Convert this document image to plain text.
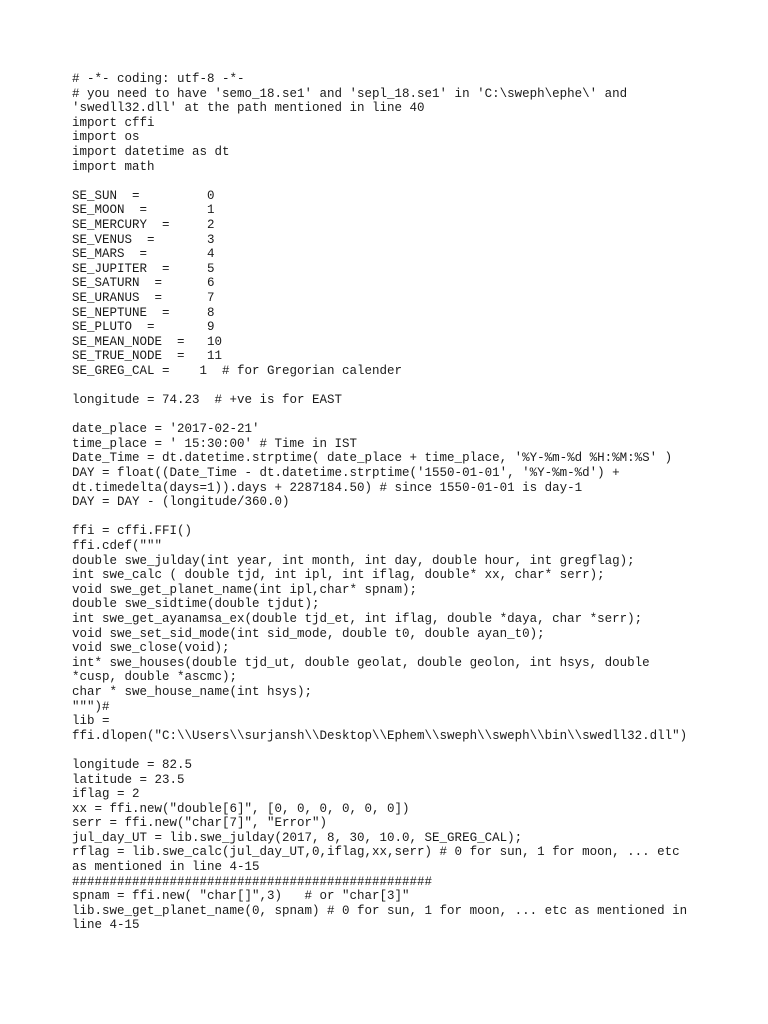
# -*- coding: utf-8 -*-
# you need to have 'semo_18.se1' and 'sepl_18.se1' in 'C:\sweph\ephe\' and
'swedll32.dll' at the path mentioned in line 40
import cffi
import os
import datetime as dt
import math
SE_SUN  =         0
SE_MOON  =        1
SE_MERCURY  =     2
SE_VENUS  =       3
SE_MARS  =        4
SE_JUPITER  =     5
SE_SATURN  =      6
SE_URANUS  =      7
SE_NEPTUNE  =     8
SE_PLUTO  =       9
SE_MEAN_NODE  =   10
SE_TRUE_NODE  =   11
SE_GREG_CAL =    1  # for Gregorian calender
longitude = 74.23  # +ve is for EAST
date_place = '2017-02-21'
time_place = ' 15:30:00' # Time in IST
Date_Time = dt.datetime.strptime( date_place + time_place, '%Y-%m-%d %H:%M:%S' )
DAY = float((Date_Time - dt.datetime.strptime('1550-01-01', '%Y-%m-%d') +
dt.timedelta(days=1)).days + 2287184.50) # since 1550-01-01 is day-1
DAY = DAY - (longitude/360.0)
ffi = cffi.FFI()
ffi.cdef("""
double swe_julday(int year, int month, int day, double hour, int gregflag);
int swe_calc ( double tjd, int ipl, int iflag, double* xx, char* serr);
void swe_get_planet_name(int ipl,char* spnam);
double swe_sidtime(double tjdut);
int swe_get_ayanamsa_ex(double tjd_et, int iflag, double *daya, char *serr);
void swe_set_sid_mode(int sid_mode, double t0, double ayan_t0);
void swe_close(void);
int* swe_houses(double tjd_ut, double geolat, double geolon, int hsys, double
*cusp, double *ascmc);
char * swe_house_name(int hsys);
""")#
lib =
ffi.dlopen("C:\\Users\\surjansh\\Desktop\\Ephem\\sweph\\sweph\\bin\\swedll32.dll")
longitude = 82.5
latitude = 23.5
iflag = 2
xx = ffi.new("double[6]", [0, 0, 0, 0, 0, 0])
serr = ffi.new("char[7]", "Error")
jul_day_UT = lib.swe_julday(2017, 8, 30, 10.0, SE_GREG_CAL);
rflag = lib.swe_calc(jul_day_UT,0,iflag,xx,serr) # 0 for sun, 1 for moon, ... etc
as mentioned in line 4-15
################################################
spnam = ffi.new( "char[]",3)   # or "char[3]"
lib.swe_get_planet_name(0, spnam) # 0 for sun, 1 for moon, ... etc as mentioned in
line 4-15
